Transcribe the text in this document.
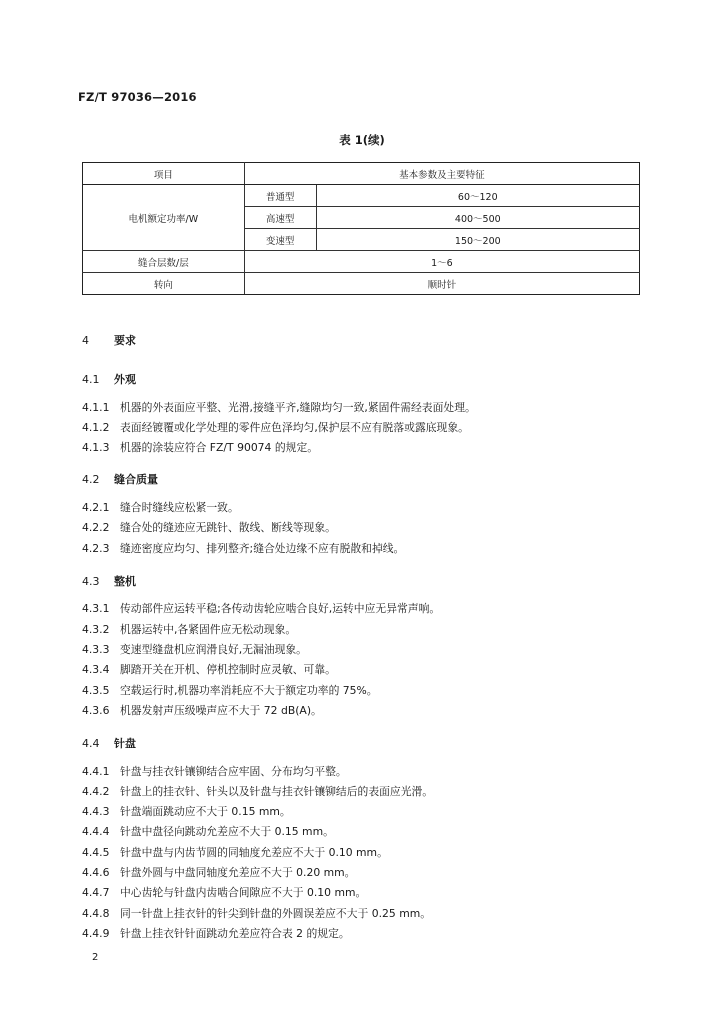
FZ/T 97036—2016
表 1(续)
项目	基本参数及主要特征	
电机额定功率/W	普通型	60～120
	高速型	400～500
	变速型	150～200
缝合层数/层	1～6	
转向	顺时针	
4 要求
4.1 外观
4.1.1 机器的外表面应平整、光滑,接缝平齐,缝隙均匀一致,紧固件需经表面处理。
4.1.2 表面经镀覆或化学处理的零件应色泽均匀,保护层不应有脱落或露底现象。
4.1.3 机器的涂装应符合 FZ/T 90074 的规定。
4.2 缝合质量
4.2.1 缝合时缝线应松紧一致。
4.2.2 缝合处的缝迹应无跳针、散线、断线等现象。
4.2.3 缝迹密度应均匀、排列整齐;缝合处边缘不应有脱散和掉线。
4.3 整机
4.3.1 传动部件应运转平稳;各传动齿轮应啮合良好,运转中应无异常声响。
4.3.2 机器运转中,各紧固件应无松动现象。
4.3.3 变速型缝盘机应润滑良好,无漏油现象。
4.3.4 脚踏开关在开机、停机控制时应灵敏、可靠。
4.3.5 空载运行时,机器功率消耗应不大于额定功率的 75%。
4.3.6 机器发射声压级噪声应不大于 72 dB(A)。
4.4 针盘
4.4.1 针盘与挂衣针镶铆结合应牢固、分布均匀平整。
4.4.2 针盘上的挂衣针、针头以及针盘与挂衣针镶铆结后的表面应光滑。
4.4.3 针盘端面跳动应不大于 0.15 mm。
4.4.4 针盘中盘径向跳动允差应不大于 0.15 mm。
4.4.5 针盘中盘与内齿节圆的同轴度允差应不大于 0.10 mm。
4.4.6 针盘外圆与中盘同轴度允差应不大于 0.20 mm。
4.4.7 中心齿轮与针盘内齿啮合间隙应不大于 0.10 mm。
4.4.8 同一针盘上挂衣针的针尖到针盘的外圆误差应不大于 0.25 mm。
4.4.9 针盘上挂衣针针面跳动允差应符合表 2 的规定。
2
